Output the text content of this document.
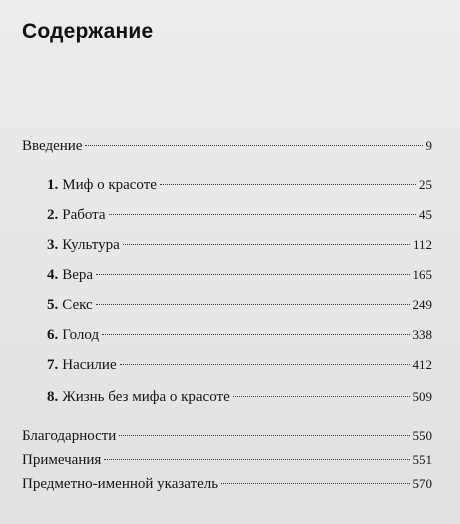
Содержание
Введение	9
1. Миф о красоте	25
2. Работа	45
3. Культура	112
4. Вера	165
5. Секс	249
6. Голод	338
7. Насилие	412
8. Жизнь без мифа о красоте	509
Благодарности	550
Примечания	551
Предметно-именной указатель	570
